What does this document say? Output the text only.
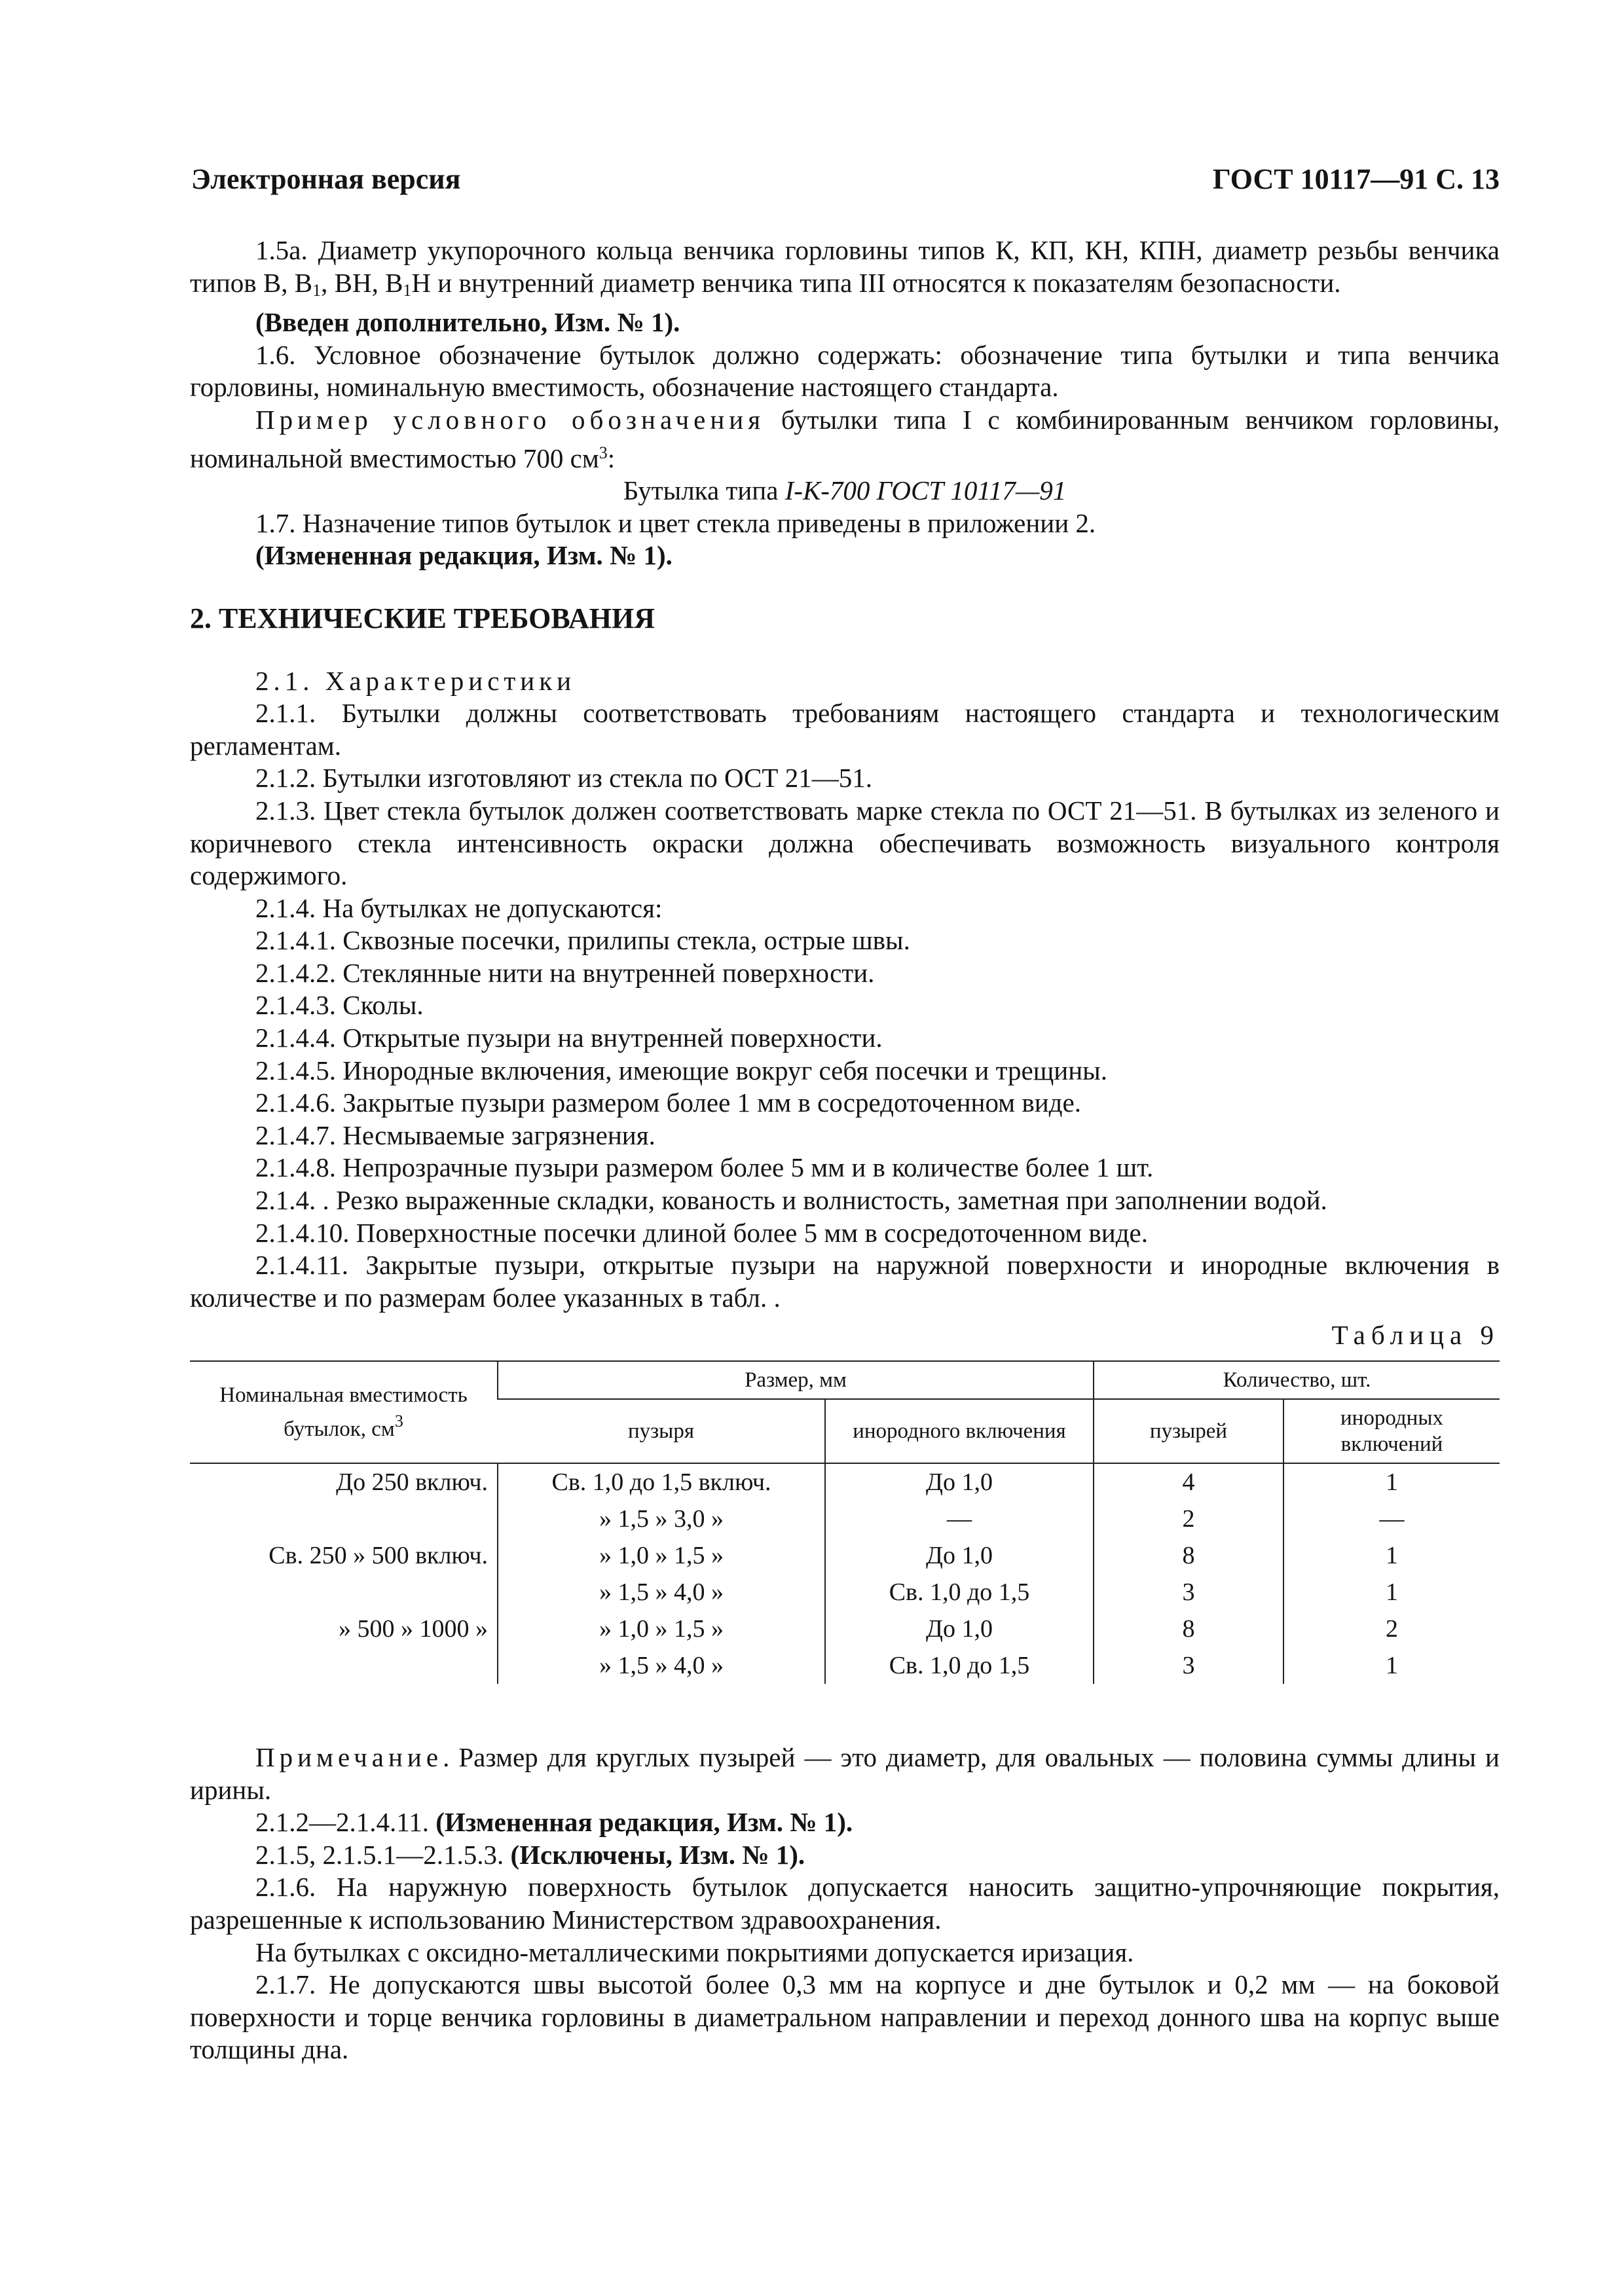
Электронная версия	ГОСТ 10117—91 С. 13

1.5а. Диаметр укупорочного кольца венчика горловины типов К, КП, КН, КПН, диаметр резьбы венчика типов В, $В_1$, ВН, $В_1Н$ и внутренний диаметр венчика типа III относятся к показателям безопасности.

(Введен дополнительно, Изм. № 1).

1.6. Условное обозначение бутылок должно содержать: обозначение типа бутылки и типа венчика горловины, номинальную вместимость, обозначение настоящего стандарта.

Пример условного обозначения бутылки типа I с комбинированным венчиком горловины, номинальной вместимостью 700 $см^3$:

Бутылка типа I-К-700 ГОСТ 10117—91

1.7. Назначение типов бутылок и цвет стекла приведены в приложении 2.

(Измененная редакция, Изм. № 1).

2. ТЕХНИЧЕСКИЕ ТРЕБОВАНИЯ

2.1. Характеристики

2.1.1. Бутылки должны соответствовать требованиям настоящего стандарта и технологическим регламентам.

2.1.2. Бутылки изготовляют из стекла по ОСТ 21—51.

2.1.3. Цвет стекла бутылок должен соответствовать марке стекла по ОСТ 21—51. В бутылках из зеленого и коричневого стекла интенсивность окраски должна обеспечивать возможность визуального контроля содержимого.

2.1.4. На бутылках не допускаются:

2.1.4.1. Сквозные посечки, прилипы стекла, острые швы.

2.1.4.2. Стеклянные нити на внутренней поверхности.

2.1.4.3. Сколы.

2.1.4.4. Открытые пузыри на внутренней поверхности.

2.1.4.5. Инородные включения, имеющие вокруг себя посечки и трещины.

2.1.4.6. Закрытые пузыри размером более 1 мм в сосредоточенном виде.

2.1.4.7. Несмываемые загрязнения.

2.1.4.8. Непрозрачные пузыри размером более 5 мм и в количестве более 1 шт.

2.1.4. . Резко выраженные складки, кованость и волнистость, заметная при заполнении водой.

2.1.4.10. Поверхностные посечки длиной более 5 мм в сосредоточенном виде.

2.1.4.11. Закрытые пузыри, открытые пузыри на наружной поверхности и инородные включения в количестве и по размерам более указанных в табл. .

Таблица 9
Номинальная вместимость бутылок, $см^3$	Размер, мм		Количество, шт.	
	пузыря	инородного включения	пузырей	инородных включений
До 250 включ.	Св. 1,0 до 1,5 включ.	До 1,0	4	1
	» 1,5 » 3,0 »	—	2	—
Св. 250 » 500 включ.	» 1,0 » 1,5 »	До 1,0	8	1
	» 1,5 » 4,0 »	Св. 1,0 до 1,5	3	1
» 500 » 1000 »	» 1,0 » 1,5 »	До 1,0	8	2
	» 1,5 » 4,0 »	Св. 1,0 до 1,5	3	1

Примечание. Размер для круглых пузырей — это диаметр, для овальных — половина суммы длины и ирины.

2.1.2—2.1.4.11. (Измененная редакция, Изм. № 1).

2.1.5, 2.1.5.1—2.1.5.3. (Исключены, Изм. № 1).

2.1.6. На наружную поверхность бутылок допускается наносить защитно-упрочняющие покрытия, разрешенные к использованию Министерством здравоохранения.

На бутылках с оксидно-металлическими покрытиями допускается иризация.

2.1.7. Не допускаются швы высотой более 0,3 мм на корпусе и дне бутылок и 0,2 мм — на боковой поверхности и торце венчика горловины в диаметральном направлении и переход донного шва на корпус выше толщины дна.
